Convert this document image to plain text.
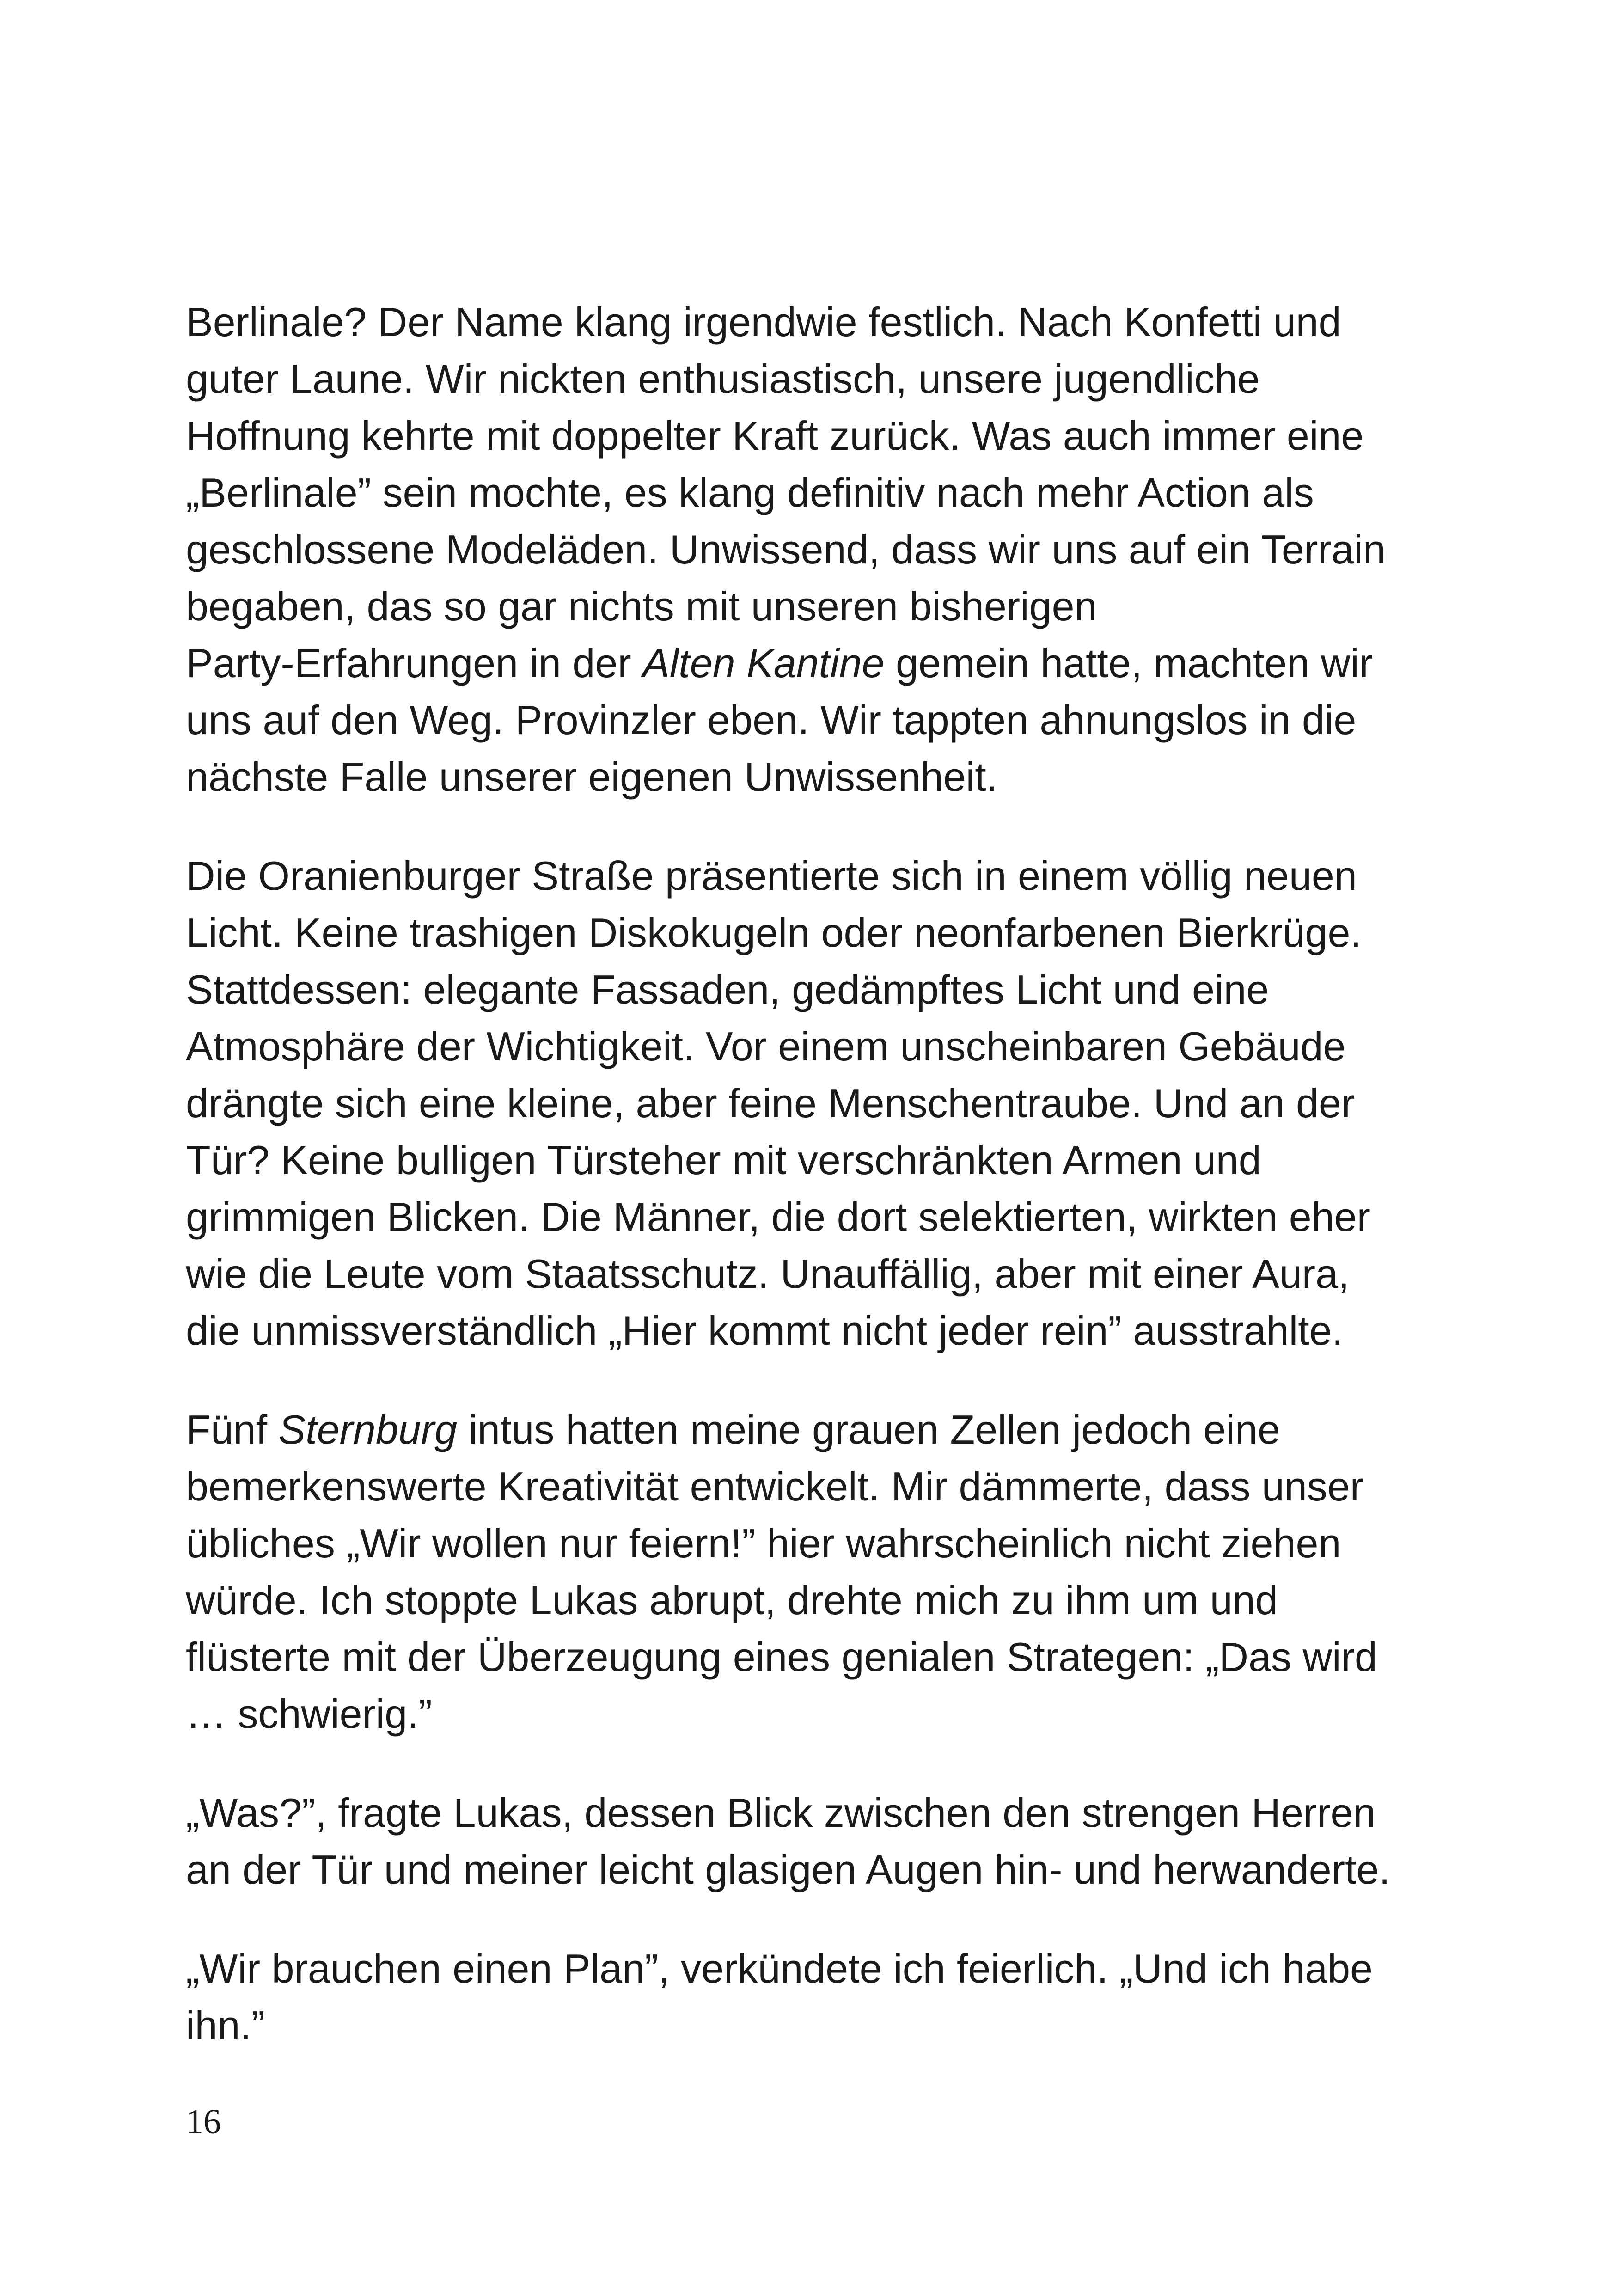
Berlinale? Der Name klang irgendwie festlich. Nach Konfetti und
guter Laune. Wir nickten enthusiastisch, unsere jugendliche
Hoffnung kehrte mit doppelter Kraft zurück. Was auch immer eine
„Berlinale” sein mochte, es klang definitiv nach mehr Action als
geschlossene Modeläden. Unwissend, dass wir uns auf ein Terrain
begaben, das so gar nichts mit unseren bisherigen
Party-Erfahrungen in der Alten Kantine gemein hatte, machten wir
uns auf den Weg. Provinzler eben. Wir tappten ahnungslos in die
nächste Falle unserer eigenen Unwissenheit.

Die Oranienburger Straße präsentierte sich in einem völlig neuen
Licht. Keine trashigen Diskokugeln oder neonfarbenen Bierkrüge.
Stattdessen: elegante Fassaden, gedämpftes Licht und eine
Atmosphäre der Wichtigkeit. Vor einem unscheinbaren Gebäude
drängte sich eine kleine, aber feine Menschentraube. Und an der
Tür? Keine bulligen Türsteher mit verschränkten Armen und
grimmigen Blicken. Die Männer, die dort selektierten, wirkten eher
wie die Leute vom Staatsschutz. Unauffällig, aber mit einer Aura,
die unmissverständlich „Hier kommt nicht jeder rein” ausstrahlte.

Fünf Sternburg intus hatten meine grauen Zellen jedoch eine
bemerkenswerte Kreativität entwickelt. Mir dämmerte, dass unser
übliches „Wir wollen nur feiern!” hier wahrscheinlich nicht ziehen
würde. Ich stoppte Lukas abrupt, drehte mich zu ihm um und
flüsterte mit der Überzeugung eines genialen Strategen: „Das wird
… schwierig.”

„Was?”, fragte Lukas, dessen Blick zwischen den strengen Herren
an der Tür und meiner leicht glasigen Augen hin- und herwanderte.

„Wir brauchen einen Plan”, verkündete ich feierlich. „Und ich habe
ihn.”

16
